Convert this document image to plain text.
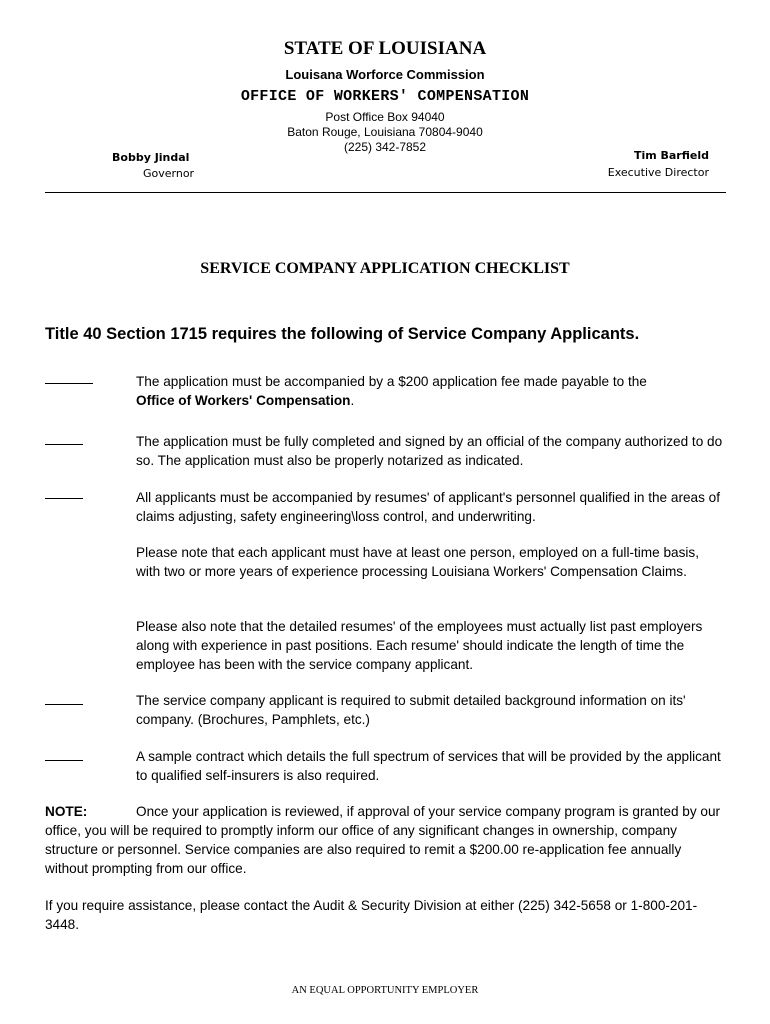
STATE OF LOUISIANA
Louisana Worforce Commission
OFFICE OF WORKERS' COMPENSATION
Post Office Box 94040
Baton Rouge, Louisiana 70804-9040
(225) 342-7852
Bobby Jindal
Governor
Tim Barfield
Executive Director
SERVICE COMPANY APPLICATION CHECKLIST
Title 40 Section 1715 requires the following of Service Company Applicants.
The application must be accompanied by a $200 application fee made payable to the
Office of Workers' Compensation.
The application must be fully completed and signed by an official of the company authorized to do so. The application must also be properly notarized as indicated.
All applicants must be accompanied by resumes' of applicant's personnel qualified in the areas of claims adjusting, safety engineering\loss control, and underwriting.
Please note that each applicant must have at least one person, employed on a full-time basis, with two or more years of experience processing Louisiana Workers' Compensation Claims.
Please also note that the detailed resumes' of the employees must actually list past employers along with experience in past positions. Each resume' should indicate the length of time the employee has been with the service company applicant.
The service company applicant is required to submit detailed background information on its' company. (Brochures, Pamphlets, etc.)
A sample contract which details the full spectrum of services that will be provided by the applicant to qualified self-insurers is also required.
NOTE:	Once your application is reviewed, if approval of your service company program is granted by our office, you will be required to promptly inform our office of any significant changes in ownership, company structure or personnel. Service companies are also required to remit a $200.00 re-application fee annually without prompting from our office.
If you require assistance, please contact the Audit & Security Division at either (225) 342-5658 or 1-800-201-3448.
AN EQUAL OPPORTUNITY EMPLOYER
